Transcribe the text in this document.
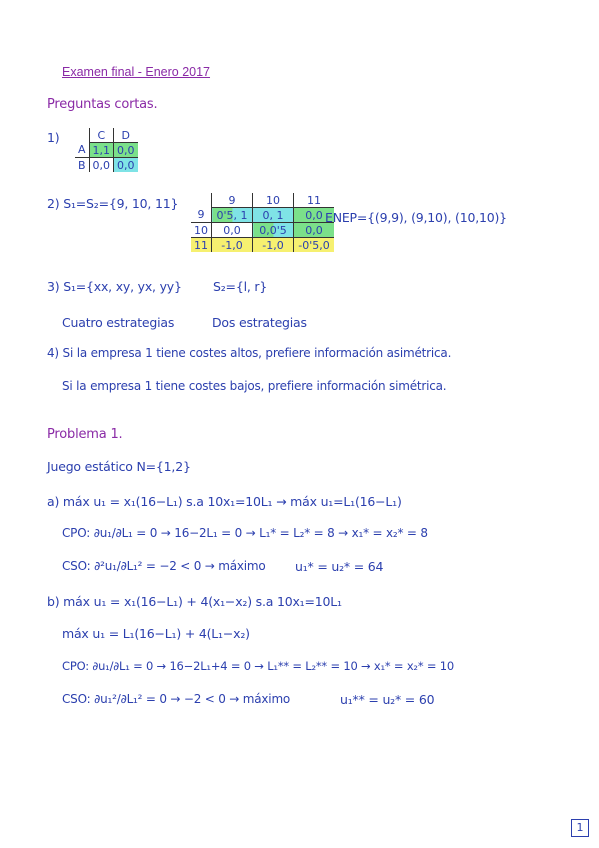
Examen final - Enero 2017
Preguntas cortas.
1)
		C	D
A	1,1	0,0
B	0,0	0,0
2) S₁=S₂={9, 10, 11}
		9	10	11
9	0'5, 1	0, 1	0,0
10	0,0	0,0'5	0,0
11	-1,0	-1,0	-0'5,0
ENEP={(9,9), (9,10), (10,10)}
3) S₁={xx, xy, yx, yy}	S₂={l, r}
Cuatro estrategias	Dos estrategias
4) Si la empresa 1 tiene costes altos, prefiere información asimétrica.
Si la empresa 1 tiene costes bajos, prefiere información simétrica.
Problema 1.
Juego estático N={1,2}
a) máx u₁ = x₁(16−L₁) s.a 10x₁=10L₁ → máx u₁=L₁(16−L₁)
CPO: ∂u₁/∂L₁ = 0 → 16−2L₁ = 0 → L₁* = L₂* = 8 → x₁* = x₂* = 8
CSO: ∂²u₁/∂L₁² = −2 < 0 → máximo u₁* = u₂* = 64
b) máx u₁ = x₁(16−L₁) + 4(x₁−x₂) s.a 10x₁=10L₁
máx u₁ = L₁(16−L₁) + 4(L₁−x₂)
CPO: ∂u₁/∂L₁ = 0 → 16−2L₁+4 = 0 → L₁** = L₂** = 10 → x₁* = x₂* = 10
CSO: ∂u₁²/∂L₁² = 0 → −2 < 0 → máximo	u₁** = u₂* = 60
1
